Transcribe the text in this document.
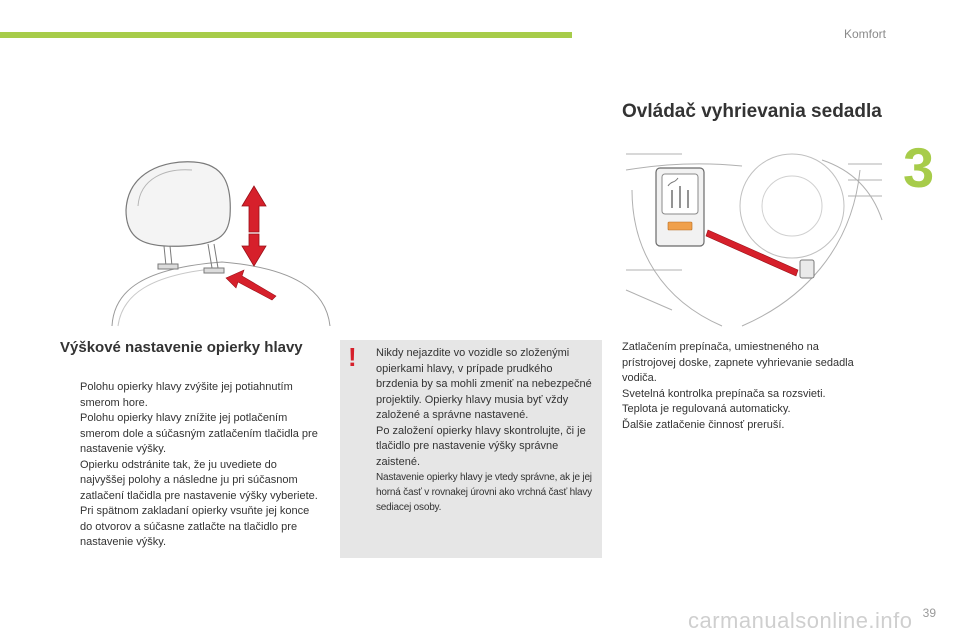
Komfort
3
Výškové nastavenie opierky hlavy
Ovládač vyhrievania sedadla
Polohu opierky hlavy zvýšite jej potiahnutím smerom hore.
Polohu opierky hlavy znížite jej potlačením smerom dole a súčasným zatlačením tlačidla pre nastavenie výšky.
Opierku odstránite tak, že ju uvediete do najvyššej polohy a následne ju pri súčasnom zatlačení tlačidla pre nastavenie výšky vyberiete.
Pri spätnom zakladaní opierky vsuňte jej konce do otvorov a súčasne zatlačte na tlačidlo pre nastavenie výšky.
! Nikdy nejazdite vo vozidle so zloženými opierkami hlavy, v prípade prudkého brzdenia by sa mohli zmeniť na nebezpečné projektily. Opierky hlavy musia byť vždy založené a správne nastavené.

Po založení opierky hlavy skontrolujte, či je tlačidlo pre nastavenie výšky správne zaistené.

Nastavenie opierky hlavy je vtedy správne, ak je jej horná časť v rovnakej úrovni ako vrchná časť hlavy sediacej osoby.

Zatlačením prepínača, umiestneného na prístrojovej doske, zapnete vyhrievanie sedadla vodiča.

Svetelná kontrolka prepínača sa rozsvieti.

Teplota je regulovaná automaticky.

Ďalšie zatlačenie činnosť preruší.

carmanualsonline.info 39
